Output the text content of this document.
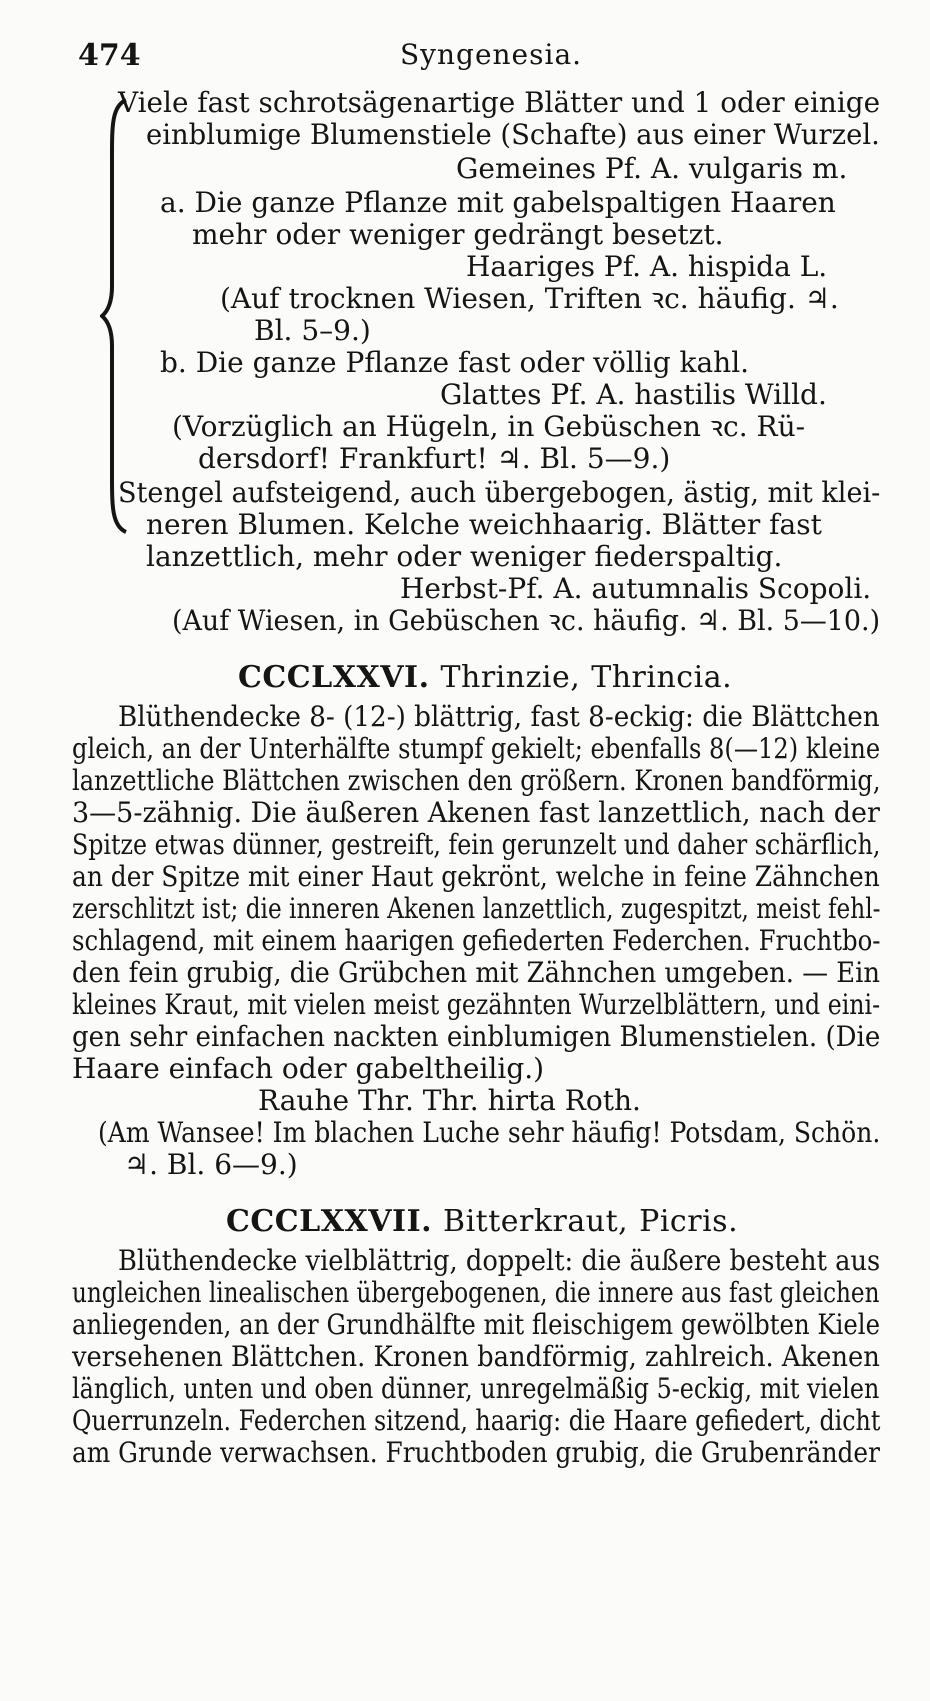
474	Syngenesia.
Viele fast schrotsägenartige Blätter und 1 oder einige
einblumige Blumenstiele (Schafte) aus einer Wurzel.
Gemeines Pf. A. vulgaris m.
a. Die ganze Pflanze mit gabelspaltigen Haaren
mehr oder weniger gedrängt besetzt.
Haariges Pf. A. hispida L.
(Auf trocknen Wiesen, Triften ꝛc. häufig. ♃.
Bl. 5–9.)
b. Die ganze Pflanze fast oder völlig kahl.
Glattes Pf. A. hastilis Willd.
(Vorzüglich an Hügeln, in Gebüschen ꝛc. Rü-
dersdorf! Frankfurt! ♃. Bl. 5—9.)
Stengel aufsteigend, auch übergebogen, ästig, mit klei-
neren Blumen. Kelche weichhaarig. Blätter fast
lanzettlich, mehr oder weniger fiederspaltig.
Herbst-Pf. A. autumnalis Scopoli.
(Auf Wiesen, in Gebüschen ꝛc. häufig. ♃. Bl. 5—10.)
CCCLXXVI. Thrinzie, Thrincia.
Blüthendecke 8- (12-) blättrig, fast 8-eckig: die Blättchen
gleich, an der Unterhälfte stumpf gekielt; ebenfalls 8(—12) kleine
lanzettliche Blättchen zwischen den größern. Kronen bandförmig,
3—5-zähnig. Die äußeren Akenen fast lanzettlich, nach der
Spitze etwas dünner, gestreift, fein gerunzelt und daher schärflich,
an der Spitze mit einer Haut gekrönt, welche in feine Zähnchen
zerschlitzt ist; die inneren Akenen lanzettlich, zugespitzt, meist fehl-
schlagend, mit einem haarigen gefiederten Federchen. Fruchtbo-
den fein grubig, die Grübchen mit Zähnchen umgeben. — Ein
kleines Kraut, mit vielen meist gezähnten Wurzelblättern, und eini-
gen sehr einfachen nackten einblumigen Blumenstielen. (Die
Haare einfach oder gabeltheilig.)
Rauhe Thr. Thr. hirta Roth.
(Am Wansee! Im blachen Luche sehr häufig! Potsdam, Schön.
♃. Bl. 6—9.)
CCCLXXVII. Bitterkraut, Picris.
Blüthendecke vielblättrig, doppelt: die äußere besteht aus
ungleichen linealischen übergebogenen, die innere aus fast gleichen
anliegenden, an der Grundhälfte mit fleischigem gewölbten Kiele
versehenen Blättchen. Kronen bandförmig, zahlreich. Akenen
länglich, unten und oben dünner, unregelmäßig 5-eckig, mit vielen
Querrunzeln. Federchen sitzend, haarig: die Haare gefiedert, dicht
am Grunde verwachsen. Fruchtboden grubig, die Grubenränder
